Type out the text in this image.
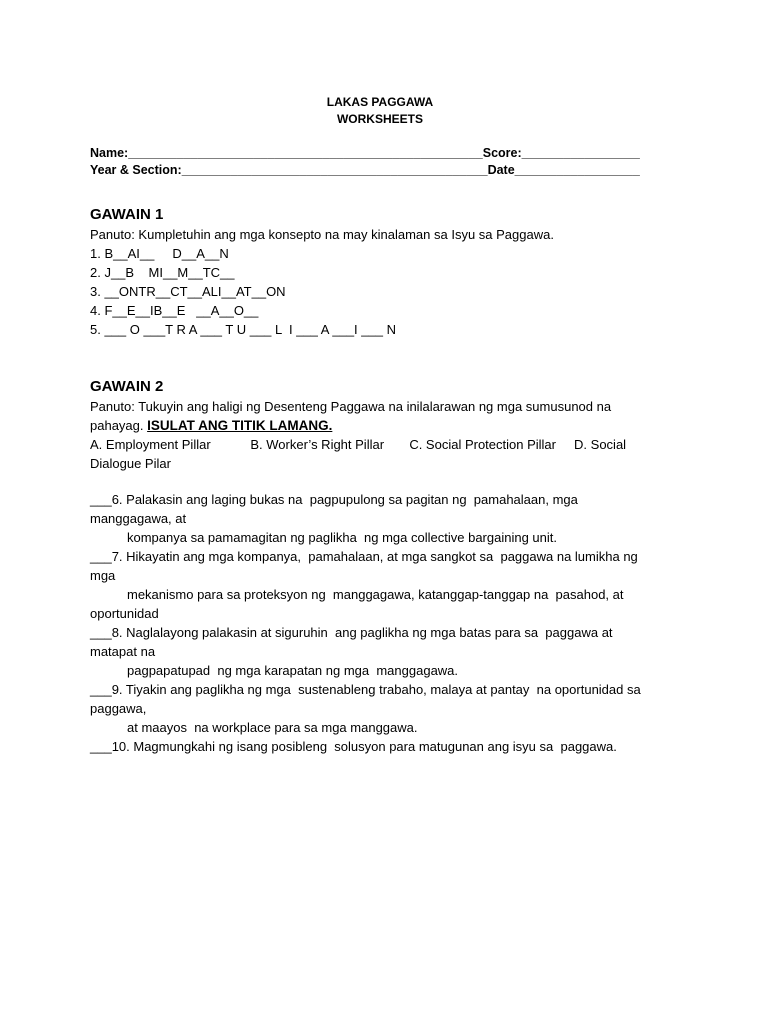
LAKAS PAGGAWA
WORKSHEETS
Name:___________________________________________________Score:_________________
Year & Section:____________________________________________Date__________________
GAWAIN 1
Panuto: Kumpletuhin ang mga konsepto na may kinalaman sa Isyu sa Paggawa.
1. B__AI__     D__A__N
2. J__B    MI__M__TC__
3. __ONTR__CT__ALI__AT__ON
4. F__E__IB__E   __A__O__
5. ___ O ___T R A ___ T U ___ L  I ___ A ___I ___ N
GAWAIN 2
Panuto: Tukuyin ang haligi ng Desenteng Paggawa na inilalarawan ng mga sumusunod na
pahayag. ISULAT ANG TITIK LAMANG.
A. Employment Pillar           B. Worker’s Right Pillar       C. Social Protection Pillar     D. Social
Dialogue Pilar
___6. Palakasin ang laging bukas na  pagpupulong sa pagitan ng  pamahalaan, mga
manggagawa, at
kompanya sa pamamagitan ng paglikha  ng mga collective bargaining unit.
___7. Hikayatin ang mga kompanya,  pamahalaan, at mga sangkot sa  paggawa na lumikha ng
mga
mekanismo para sa proteksyon ng  manggagawa, katanggap-tanggap na  pasahod, at
oportunidad
___8. Naglalayong palakasin at siguruhin  ang paglikha ng mga batas para sa  paggawa at
matapat na
pagpapatupad  ng mga karapatan ng mga  manggagawa.
___9. Tiyakin ang paglikha ng mga  sustenableng trabaho, malaya at pantay  na oportunidad sa
paggawa,
at maayos  na workplace para sa mga manggawa.
___10. Magmungkahi ng isang posibleng  solusyon para matugunan ang isyu sa  paggawa.
